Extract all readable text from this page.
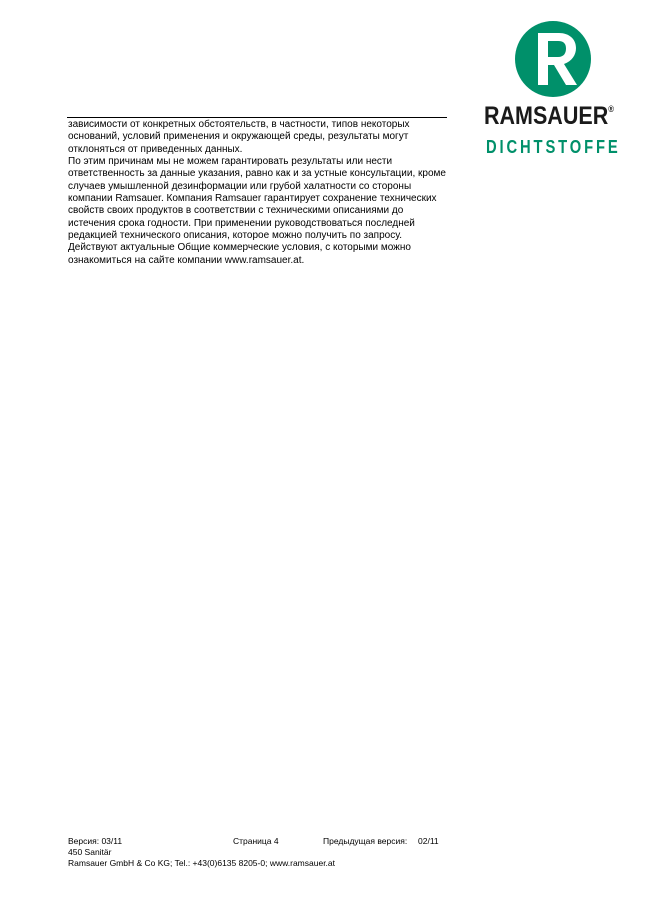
RAMSAUER®
DICHTSTOFFE

зависимости от конкретных обстоятельств, в частности, типов некоторых оснований, условий применения и окружающей среды, результаты могут отклоняться от приведенных данных.

По этим причинам мы не можем гарантировать результаты или нести ответственность за данные указания, равно как и за устные консультации, кроме случаев умышленной дезинформации или грубой халатности со стороны компании Ramsauer. Компания Ramsauer гарантирует сохранение технических свойств своих продуктов в соответствии с техническими описаниями до истечения срока годности. При применении руководствоваться последней редакцией технического описания, которое можно получить по запросу. Действуют актуальные Общие коммерческие условия, с которыми можно ознакомиться на сайте компании www.ramsauer.at.

Версия: 03/11	Страница 4	Предыдущая версия: 02/11
450 Sanitär
Ramsauer GmbH & Co KG; Tel.: +43(0)6135 8205-0; www.ramsauer.at
